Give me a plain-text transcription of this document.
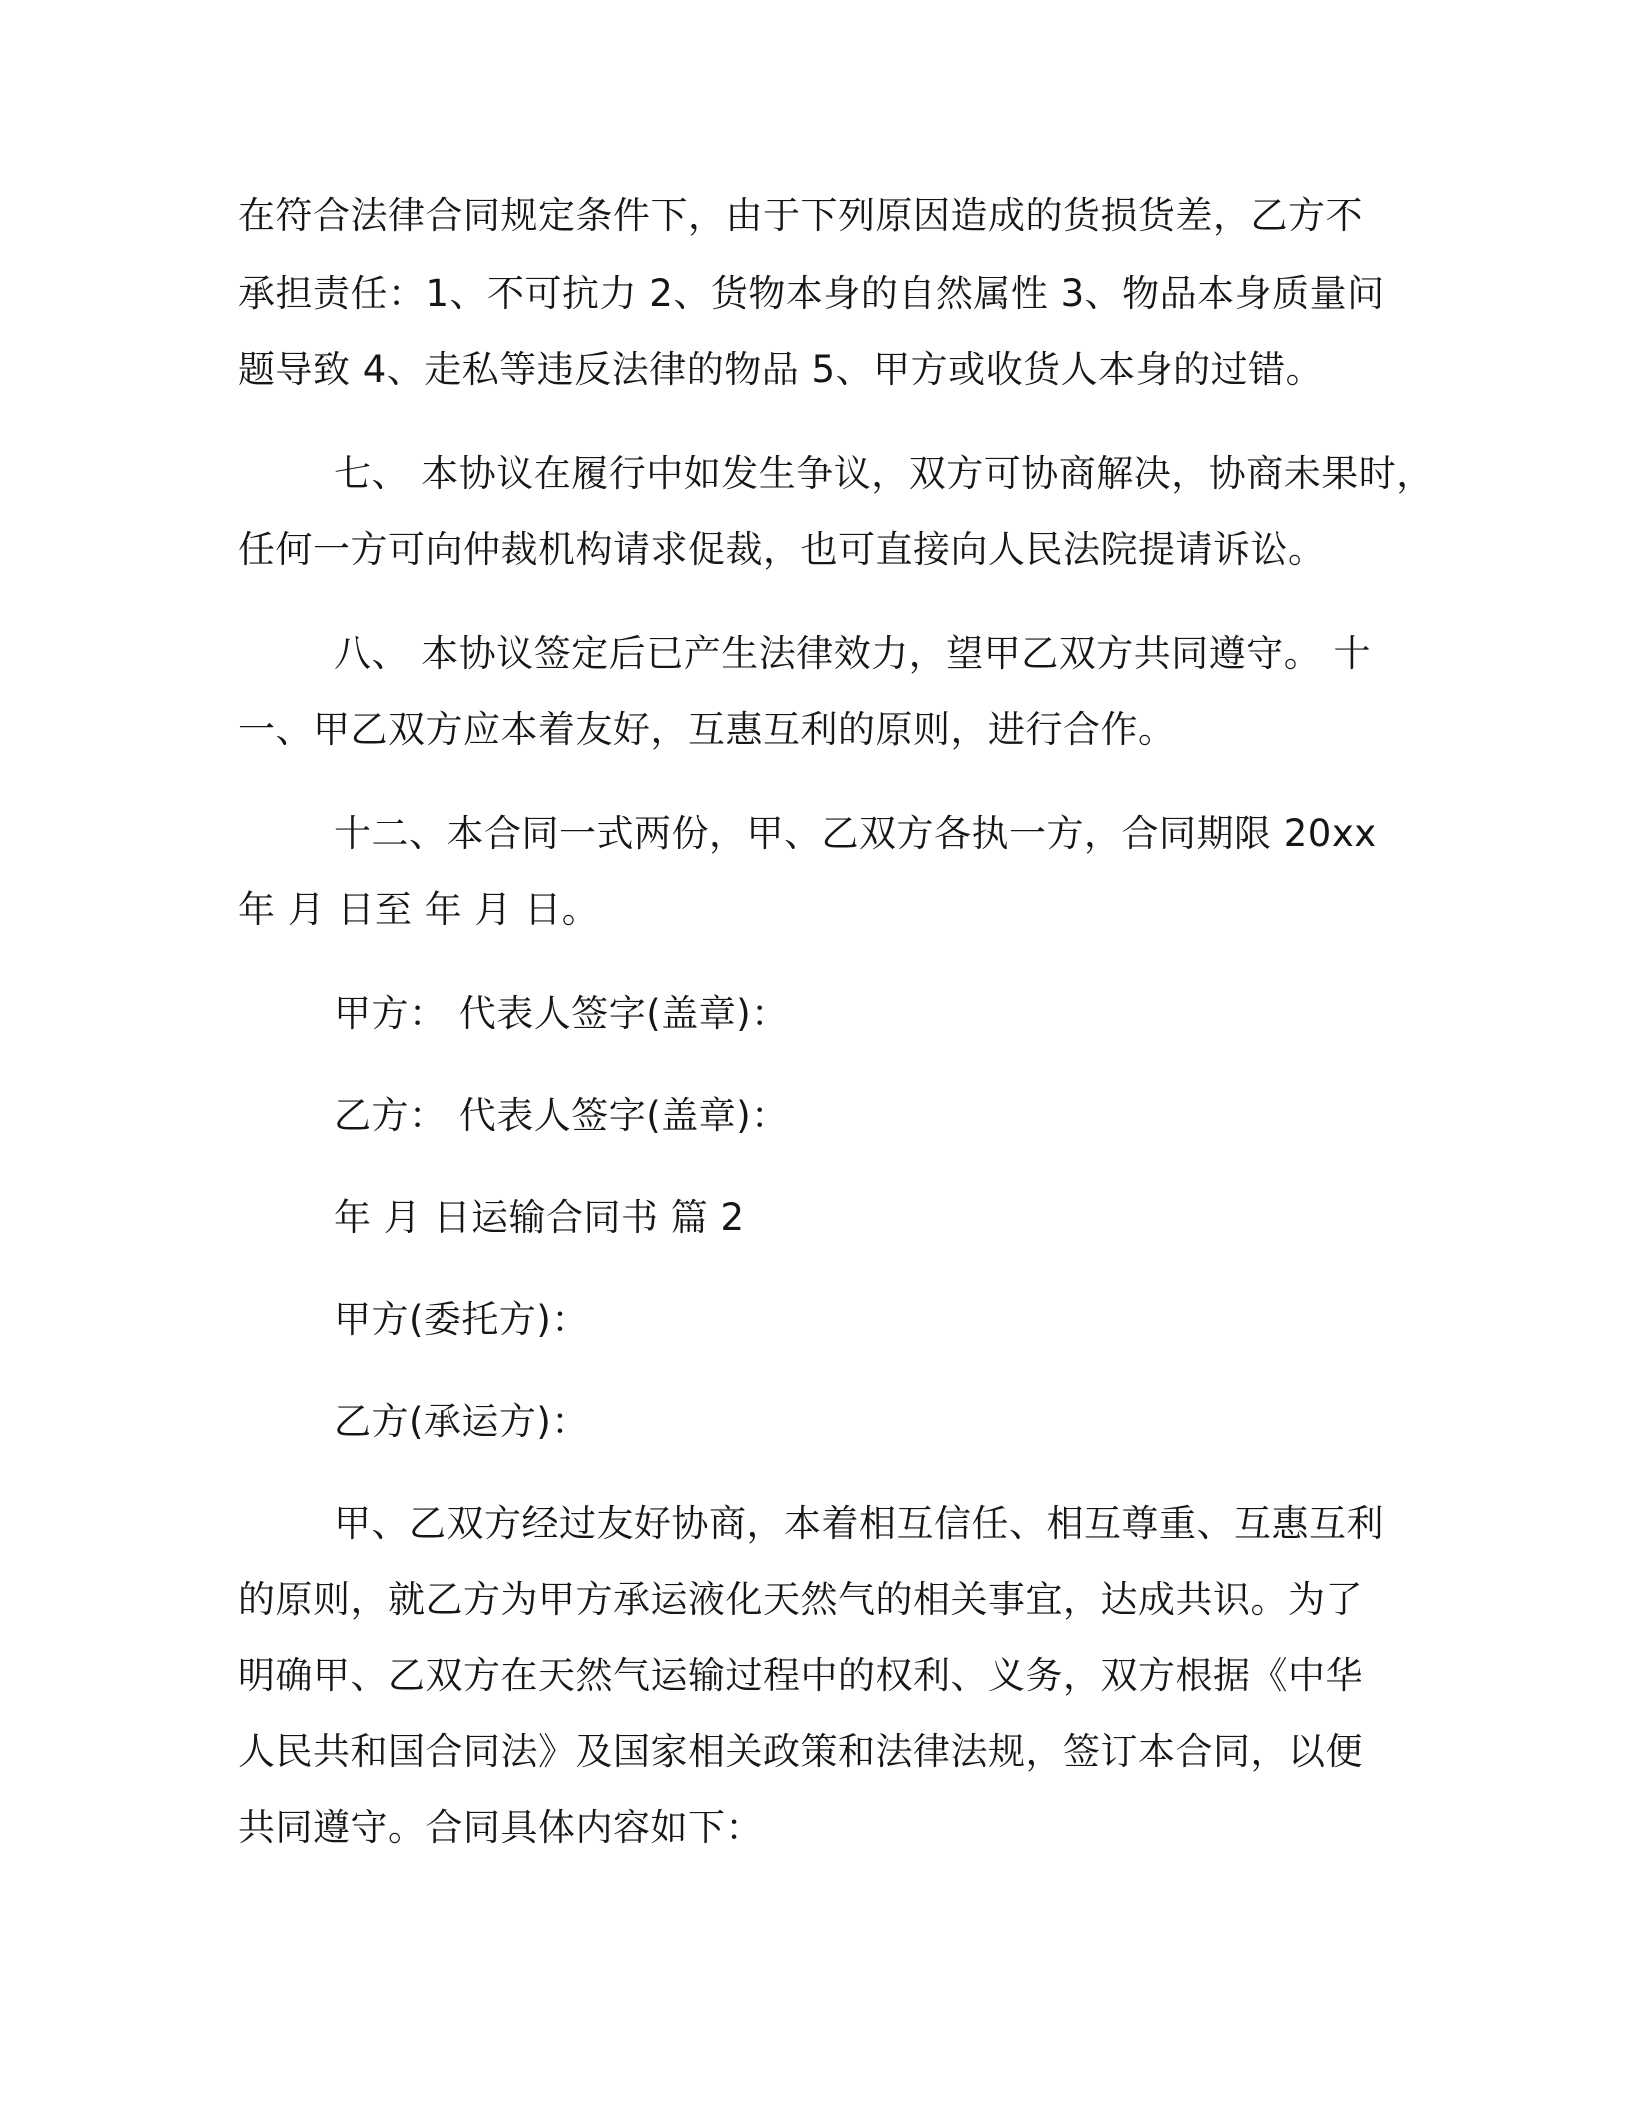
在符合法律合同规定条件下，由于下列原因造成的货损货差，乙方不
承担责任：1、不可抗力 2、货物本身的自然属性 3、物品本身质量问
题导致 4、走私等违反法律的物品 5、甲方或收货人本身的过错。
七、 本协议在履行中如发生争议，双方可协商解决，协商未果时，
任何一方可向仲裁机构请求促裁，也可直接向人民法院提请诉讼。
八、 本协议签定后已产生法律效力，望甲乙双方共同遵守。 十
一、甲乙双方应本着友好，互惠互利的原则，进行合作。
十二、本合同一式两份，甲、乙双方各执一方，合同期限 20xx
年 月 日至 年 月 日。
甲方： 代表人签字(盖章)：
乙方： 代表人签字(盖章)：
年 月 日运输合同书 篇 2
甲方(委托方)：
乙方(承运方)：
甲、乙双方经过友好协商，本着相互信任、相互尊重、互惠互利
的原则，就乙方为甲方承运液化天然气的相关事宜，达成共识。为了
明确甲、乙双方在天然气运输过程中的权利、义务，双方根据《中华
人民共和国合同法》及国家相关政策和法律法规，签订本合同，以便
共同遵守。合同具体内容如下：
